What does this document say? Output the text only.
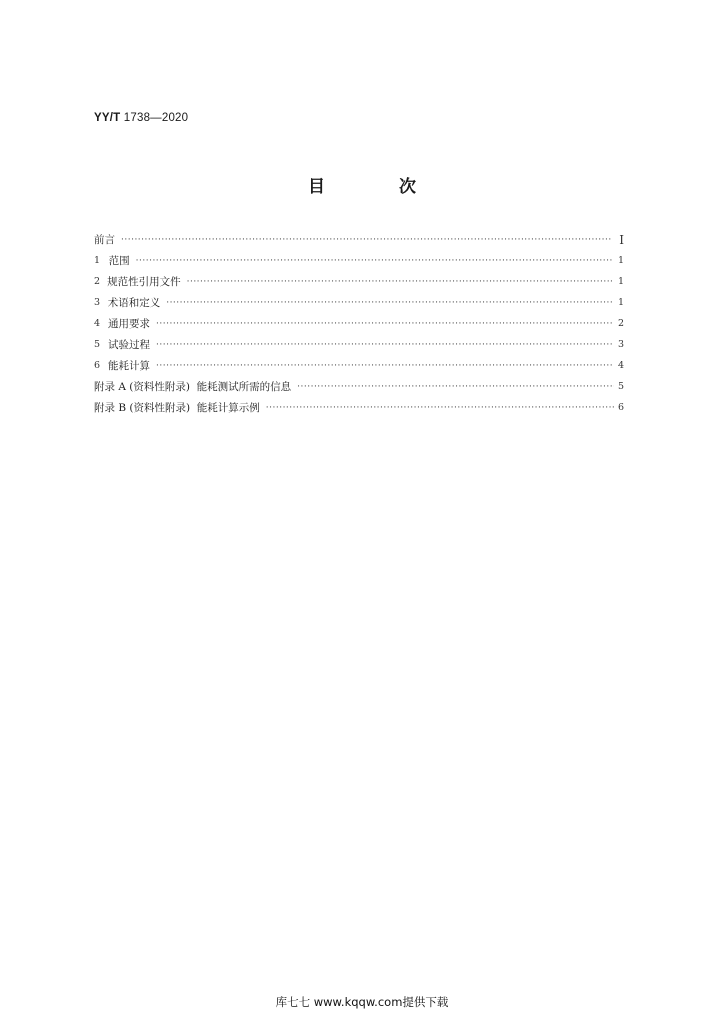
YY/T 1738—2020
目 次
前言 ·····	I
1 范围 ·····	1
2 规范性引用文件 ·····	1
3 术语和定义 ·····	1
4 通用要求 ·····	2
5 试验过程 ·····	3
6 能耗计算 ·····	4
附录 A (资料性附录)  能耗测试所需的信息 ·····	5
附录 B (资料性附录)  能耗计算示例 ·····	6
库七七 www.kqqw.com提供下载
